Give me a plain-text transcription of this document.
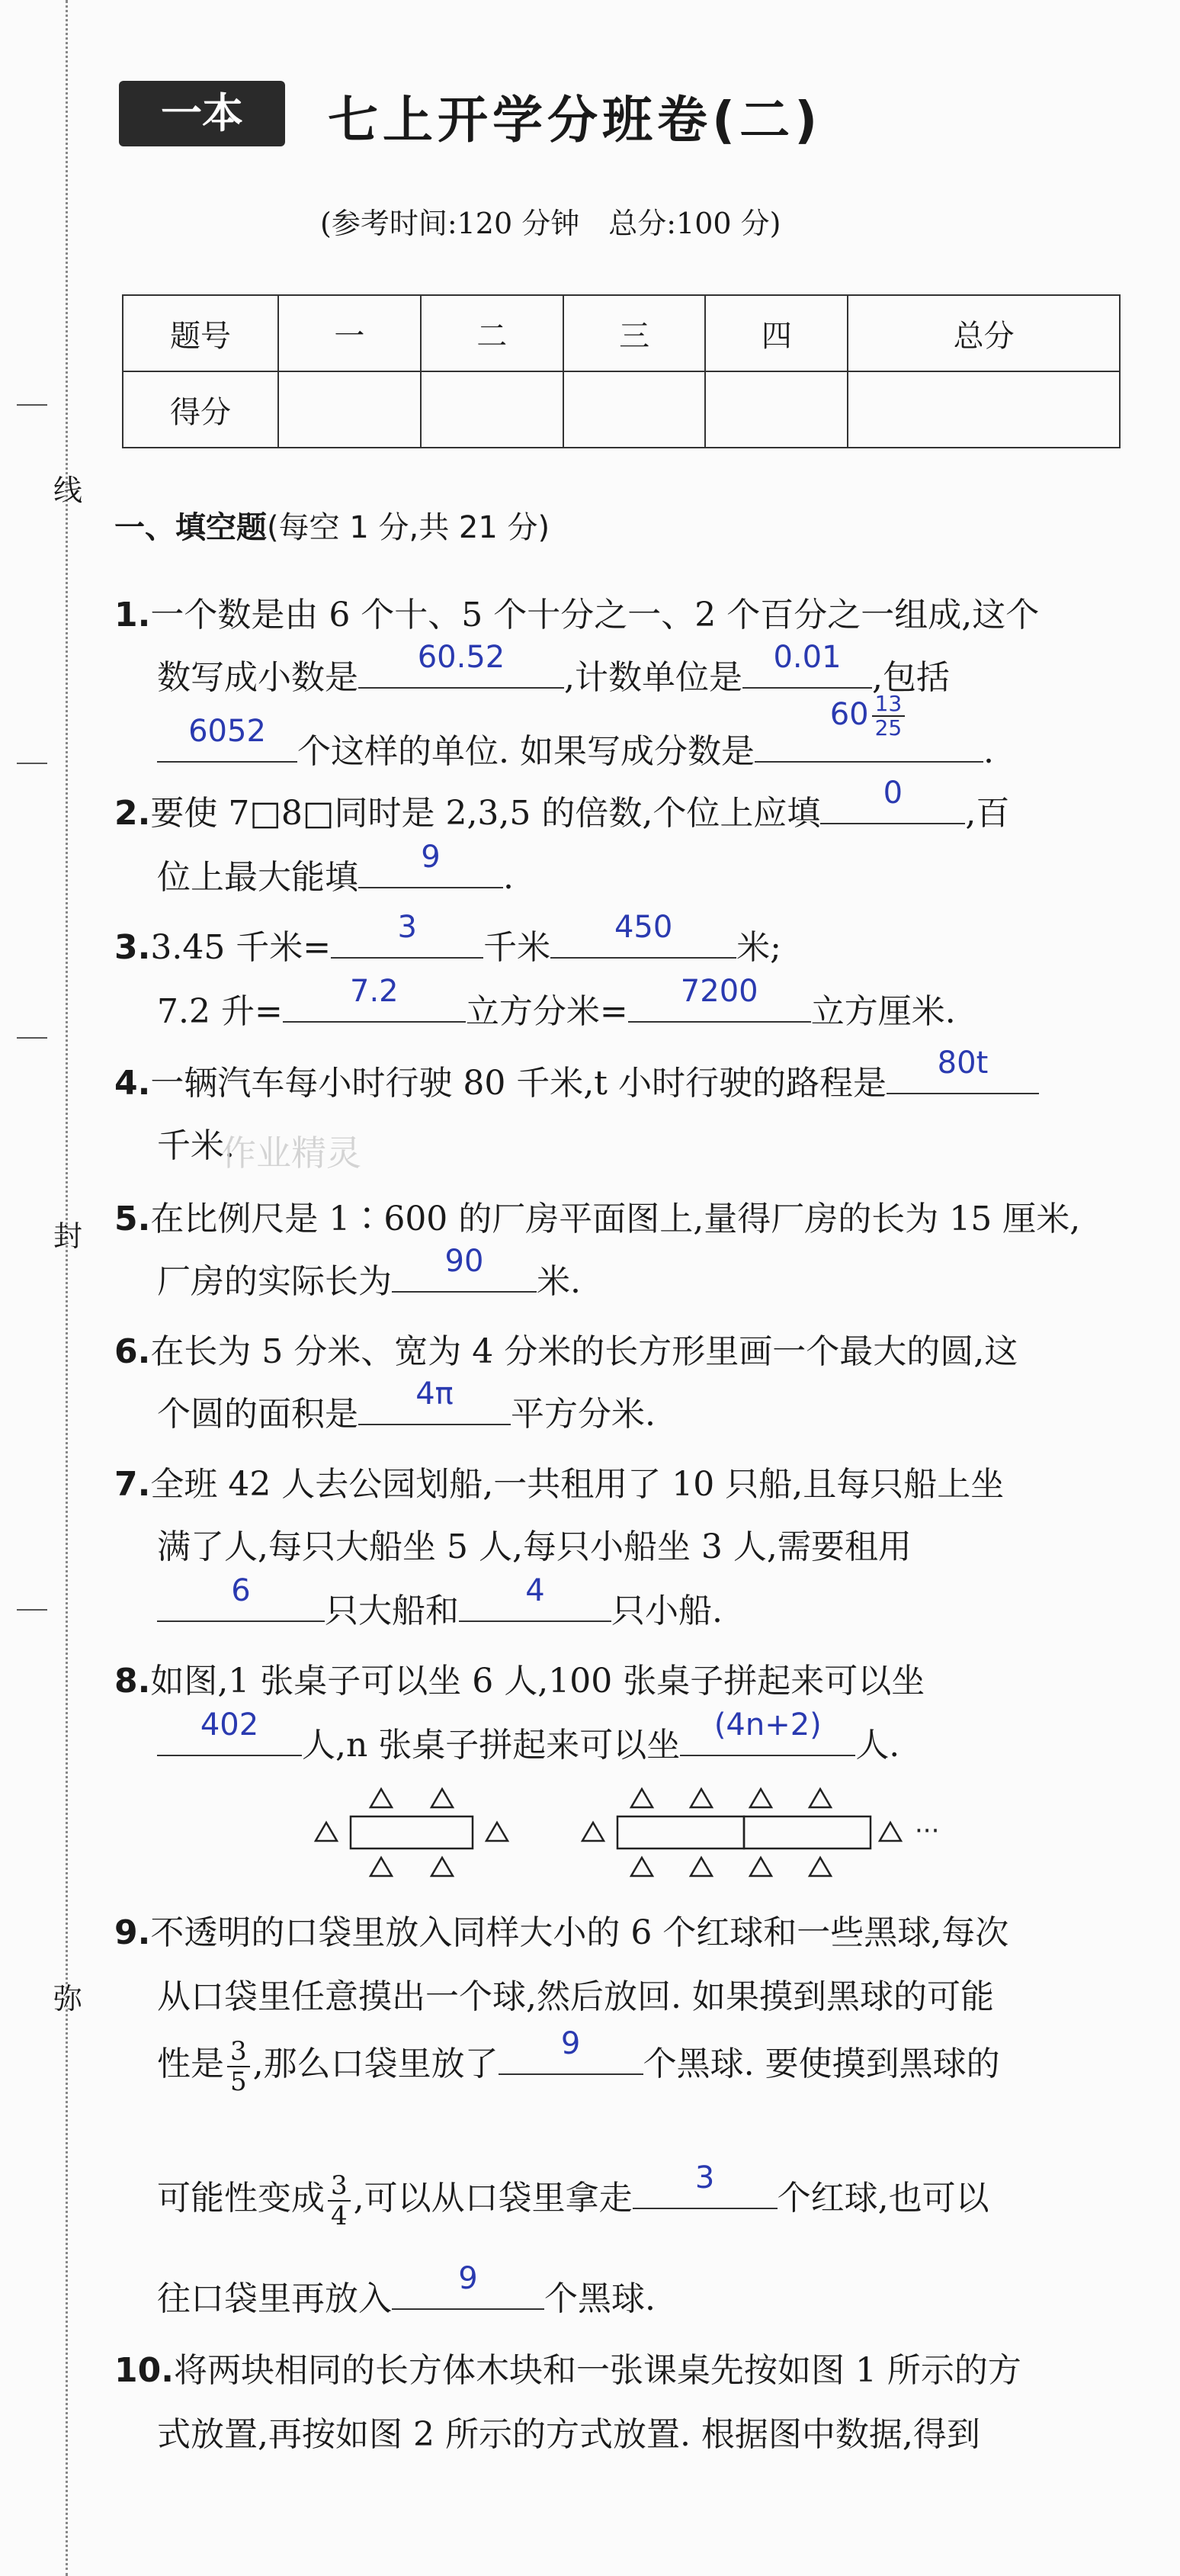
线
封
弥
一本	七上开学分班卷(二)
(参考时间:120 分钟　总分:100 分)
题号	一	二	三	四	总分
得分					
一、填空题(每空 1 分,共 21 分)
1.一个数是由 6 个十、5 个十分之一、2 个百分之一组成,这个
数写成小数是
60.52
,计数单位是
0.01
,包括
6052
个这样的单位. 如果写成分数是
$60 \frac{13}{25}$
.
2.要使 7□8□同时是 2,3,5 的倍数,个位上应填
0
,百
位上最大能填
9
.
3.3.45 千米=
3
千米
450
米;
7.2 升=
7.2
立方分米=
7200
立方厘米.
4.一辆汽车每小时行驶 80 千米,t 小时行驶的路程是
80t
千米.
作业精灵
5.在比例尺是 1∶600 的厂房平面图上,量得厂房的长为 15 厘米,
厂房的实际长为
90
米.
6.在长为 5 分米、宽为 4 分米的长方形里画一个最大的圆,这
个圆的面积是
4π
平方分米.
7.全班 42 人去公园划船,一共租用了 10 只船,且每只船上坐
满了人,每只大船坐 5 人,每只小船坐 3 人,需要租用
6
只大船和
4
只小船.
8.如图,1 张桌子可以坐 6 人,100 张桌子拼起来可以坐
402
人,n 张桌子拼起来可以坐
(4n+2)
人.
···
9.不透明的口袋里放入同样大小的 6 个红球和一些黑球,每次
从口袋里任意摸出一个球,然后放回. 如果摸到黑球的可能
性是 $\frac{3}{5}$ ,那么口袋里放了
9
个黑球. 要使摸到黑球的
可能性变成 $\frac{3}{4}$ ,可以从口袋里拿走
3
个红球,也可以
往口袋里再放入
9
个黑球.
10.将两块相同的长方体木块和一张课桌先按如图 1 所示的方
式放置,再按如图 2 所示的方式放置. 根据图中数据,得到
